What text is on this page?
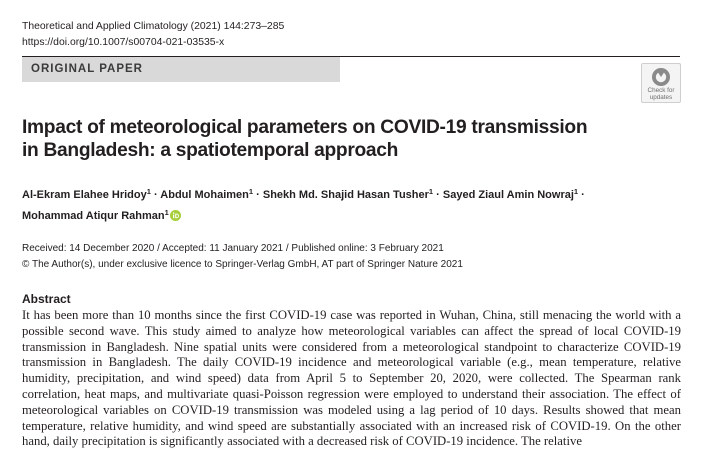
Theoretical and Applied Climatology (2021) 144:273–285
https://doi.org/10.1007/s00704-021-03535-x
ORIGINAL PAPER
Check for
updates
Impact of meteorological parameters on COVID-19 transmission
in Bangladesh: a spatiotemporal approach
Al-Ekram Elahee Hridoy$^1$ · Abdul Mohaimen$^1$ · Shekh Md. Shajid Hasan Tusher$^1$ · Sayed Ziaul Amin Nowraj$^1$ ·
Mohammad Atiqur Rahman$^1$
Received: 14 December 2020 / Accepted: 11 January 2021 / Published online: 3 February 2021
© The Author(s), under exclusive licence to Springer-Verlag GmbH, AT part of Springer Nature 2021
Abstract

It has been more than 10 months since the first COVID-19 case was reported in Wuhan, China, still menacing the world with a possible second wave. This study aimed to analyze how meteorological variables can affect the spread of local COVID-19 transmission in Bangladesh. Nine spatial units were considered from a meteorological standpoint to characterize COVID-19 transmission in Bangladesh. The daily COVID-19 incidence and meteorological variable (e.g., mean temperature, relative humidity, precipitation, and wind speed) data from April 5 to September 20, 2020, were collected. The Spearman rank correlation, heat maps, and multivariate quasi-Poisson regression were employed to understand their association. The effect of meteorological variables on COVID-19 transmission was modeled using a lag period of 10 days. Results showed that mean temperature, relative humidity, and wind speed are substantially associated with an increased risk of COVID-19. On the other hand, daily precipitation is significantly associated with a decreased risk of COVID-19 incidence. The relative
